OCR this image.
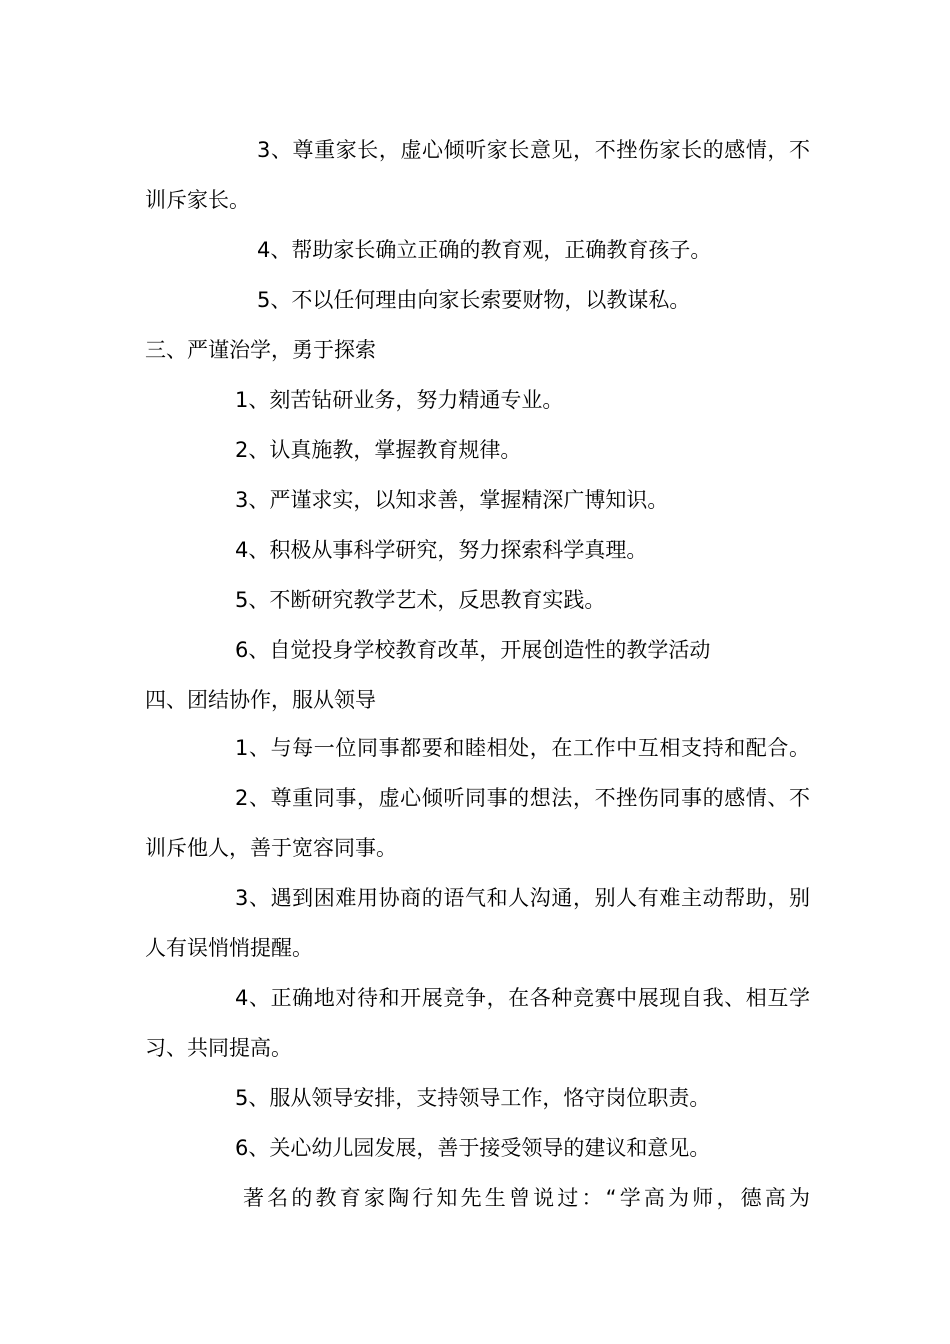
3、尊重家长，虚心倾听家长意见，不挫伤家长的感情，不
训斥家长。
4、帮助家长确立正确的教育观，正确教育孩子。
5、不以任何理由向家长索要财物，以教谋私。
三、严谨治学，勇于探索
1、刻苦钻研业务，努力精通专业。
2、认真施教，掌握教育规律。
3、严谨求实，以知求善，掌握精深广博知识。
4、积极从事科学研究，努力探索科学真理。
5、不断研究教学艺术，反思教育实践。
6、自觉投身学校教育改革，开展创造性的教学活动
四、团结协作，服从领导
1、与每一位同事都要和睦相处，在工作中互相支持和配合。
2、尊重同事，虚心倾听同事的想法，不挫伤同事的感情、不
训斥他人，善于宽容同事。
3、遇到困难用协商的语气和人沟通，别人有难主动帮助，别
人有误悄悄提醒。
4、正确地对待和开展竞争，在各种竞赛中展现自我、相互学
习、共同提高。
5、服从领导安排，支持领导工作，恪守岗位职责。
6、关心幼儿园发展，善于接受领导的建议和意见。
著名的教育家陶行知先生曾说过：“学高为师，德高为
